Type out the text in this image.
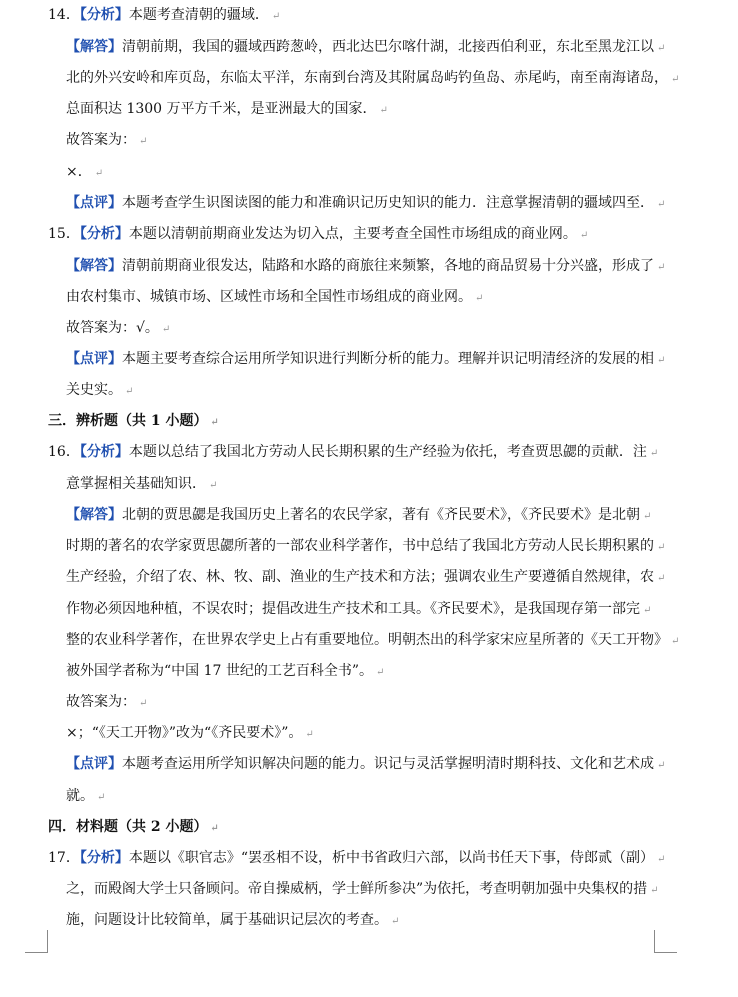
14．【分析】本题考查清朝的疆域． ↵
【解答】清朝前期，我国的疆域西跨葱岭，西北达巴尔喀什湖，北接西伯利亚，东北至黑龙江以 ↵
北的外兴安岭和库页岛，东临太平洋，东南到台湾及其附属岛屿钓鱼岛、赤尾屿，南至南海诸岛， ↵
总面积达 1300 万平方千米，是亚洲最大的国家． ↵
故答案为： ↵
×． ↵
【点评】本题考查学生识图读图的能力和准确识记历史知识的能力．注意掌握清朝的疆域四至． ↵
15．【分析】本题以清朝前期商业发达为切入点，主要考查全国性市场组成的商业网。 ↵
【解答】清朝前期商业很发达，陆路和水路的商旅往来频繁，各地的商品贸易十分兴盛，形成了 ↵
由农村集市、城镇市场、区域性市场和全国性市场组成的商业网。 ↵
故答案为：√。 ↵
【点评】本题主要考查综合运用所学知识进行判断分析的能力。理解并识记明清经济的发展的相 ↵
关史实。 ↵
三．辨析题（共 1 小题） ↵
16．【分析】本题以总结了我国北方劳动人民长期积累的生产经验为依托，考查贾思勰的贡献．注 ↵
意掌握相关基础知识． ↵
【解答】北朝的贾思勰是我国历史上著名的农民学家，著有《齐民要术》，《齐民要术》是北朝 ↵
时期的著名的农学家贾思勰所著的一部农业科学著作，书中总结了我国北方劳动人民长期积累的 ↵
生产经验，介绍了农、林、牧、副、渔业的生产技术和方法；强调农业生产要遵循自然规律，农 ↵
作物必须因地种植，不误农时；提倡改进生产技术和工具。《齐民要术》，是我国现存第一部完 ↵
整的农业科学著作，在世界农学史上占有重要地位。明朝杰出的科学家宋应星所著的《天工开物》 ↵
被外国学者称为“中国 17 世纪的工艺百科全书”。 ↵
故答案为： ↵
×；“《天工开物》”改为“《齐民要术》”。 ↵
【点评】本题考查运用所学知识解决问题的能力。识记与灵活掌握明清时期科技、文化和艺术成 ↵
就。 ↵
四．材料题（共 2 小题） ↵
17．【分析】本题以《职官志》“罢丞相不设，析中书省政归六部，以尚书任天下事，侍郎贰（副） ↵
之，而殿阁大学士只备顾问。帝自操威柄，学士鲜所参决”为依托，考查明朝加强中央集权的措 ↵
施，问题设计比较简单，属于基础识记层次的考查。 ↵
